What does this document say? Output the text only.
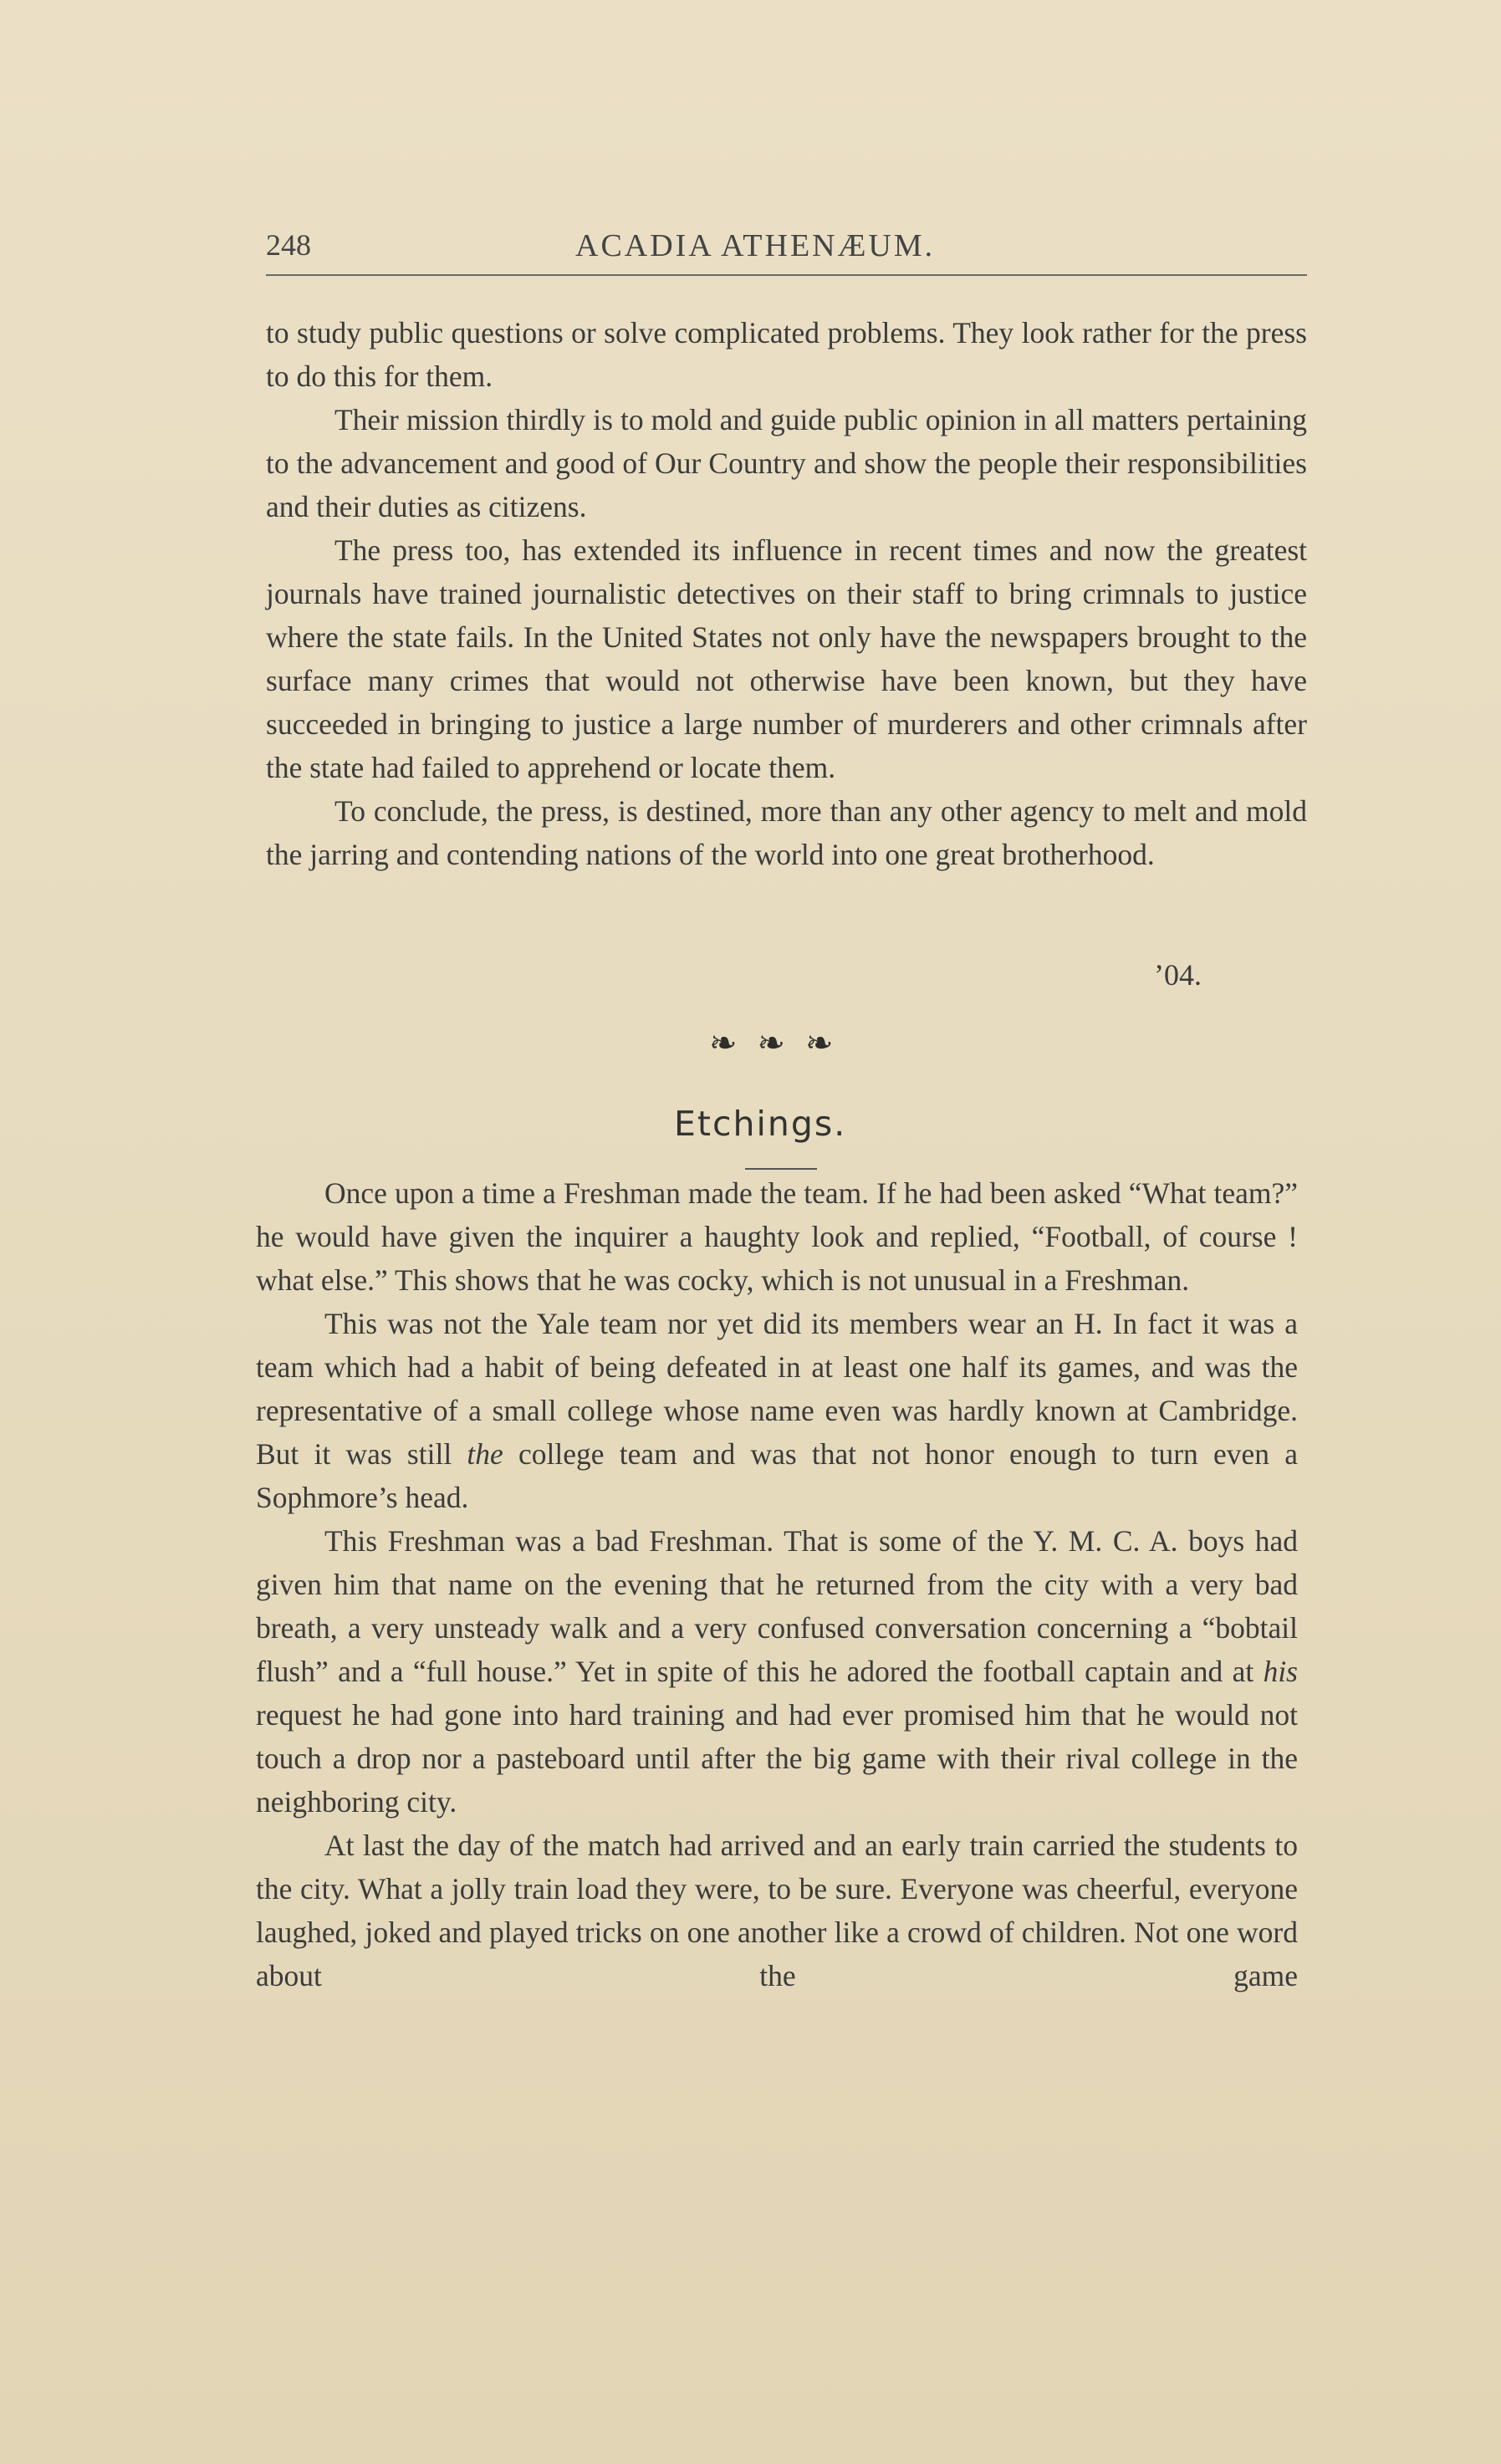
248	ACADIA ATHENÆUM.

to study public questions or solve complicated problems. They look rather for the press to do this for them.

Their mission thirdly is to mold and guide public opinion in all matters pertaining to the advancement and good of Our Country and show the people their responsibilities and their duties as citizens.

The press too, has extended its influence in recent times and now the greatest journals have trained journalistic detectives on their staff to bring crimnals to justice where the state fails. In the United States not only have the newspapers brought to the surface many crimes that would not otherwise have been known, but they have succeeded in bringing to justice a large number of murderers and other crimnals after the state had failed to apprehend or locate them.

To conclude, the press, is destined, more than any other agency to melt and mold the jarring and contending nations of the world into one great brotherhood.

’04.
❧❧❧
Etchings.

Once upon a time a Freshman made the team. If he had been asked “What team?” he would have given the inquirer a haughty look and replied, “Football, of course ! what else.” This shows that he was cocky, which is not unusual in a Freshman.

This was not the Yale team nor yet did its members wear an H. In fact it was a team which had a habit of being defeated in at least one half its games, and was the representative of a small college whose name even was hardly known at Cambridge. But it was still the college team and was that not honor enough to turn even a Sophmore’s head.

This Freshman was a bad Freshman. That is some of the Y. M. C. A. boys had given him that name on the evening that he returned from the city with a very bad breath, a very unsteady walk and a very confused conversation concerning a “bobtail flush” and a “full house.” Yet in spite of this he adored the football captain and at his request he had gone into hard training and had ever promised him that he would not touch a drop nor a pasteboard until after the big game with their rival college in the neighboring city.

At last the day of the match had arrived and an early train carried the students to the city. What a jolly train load they were, to be sure. Everyone was cheerful, everyone laughed, joked and played tricks on one another like a crowd of children. Not one word about the game
